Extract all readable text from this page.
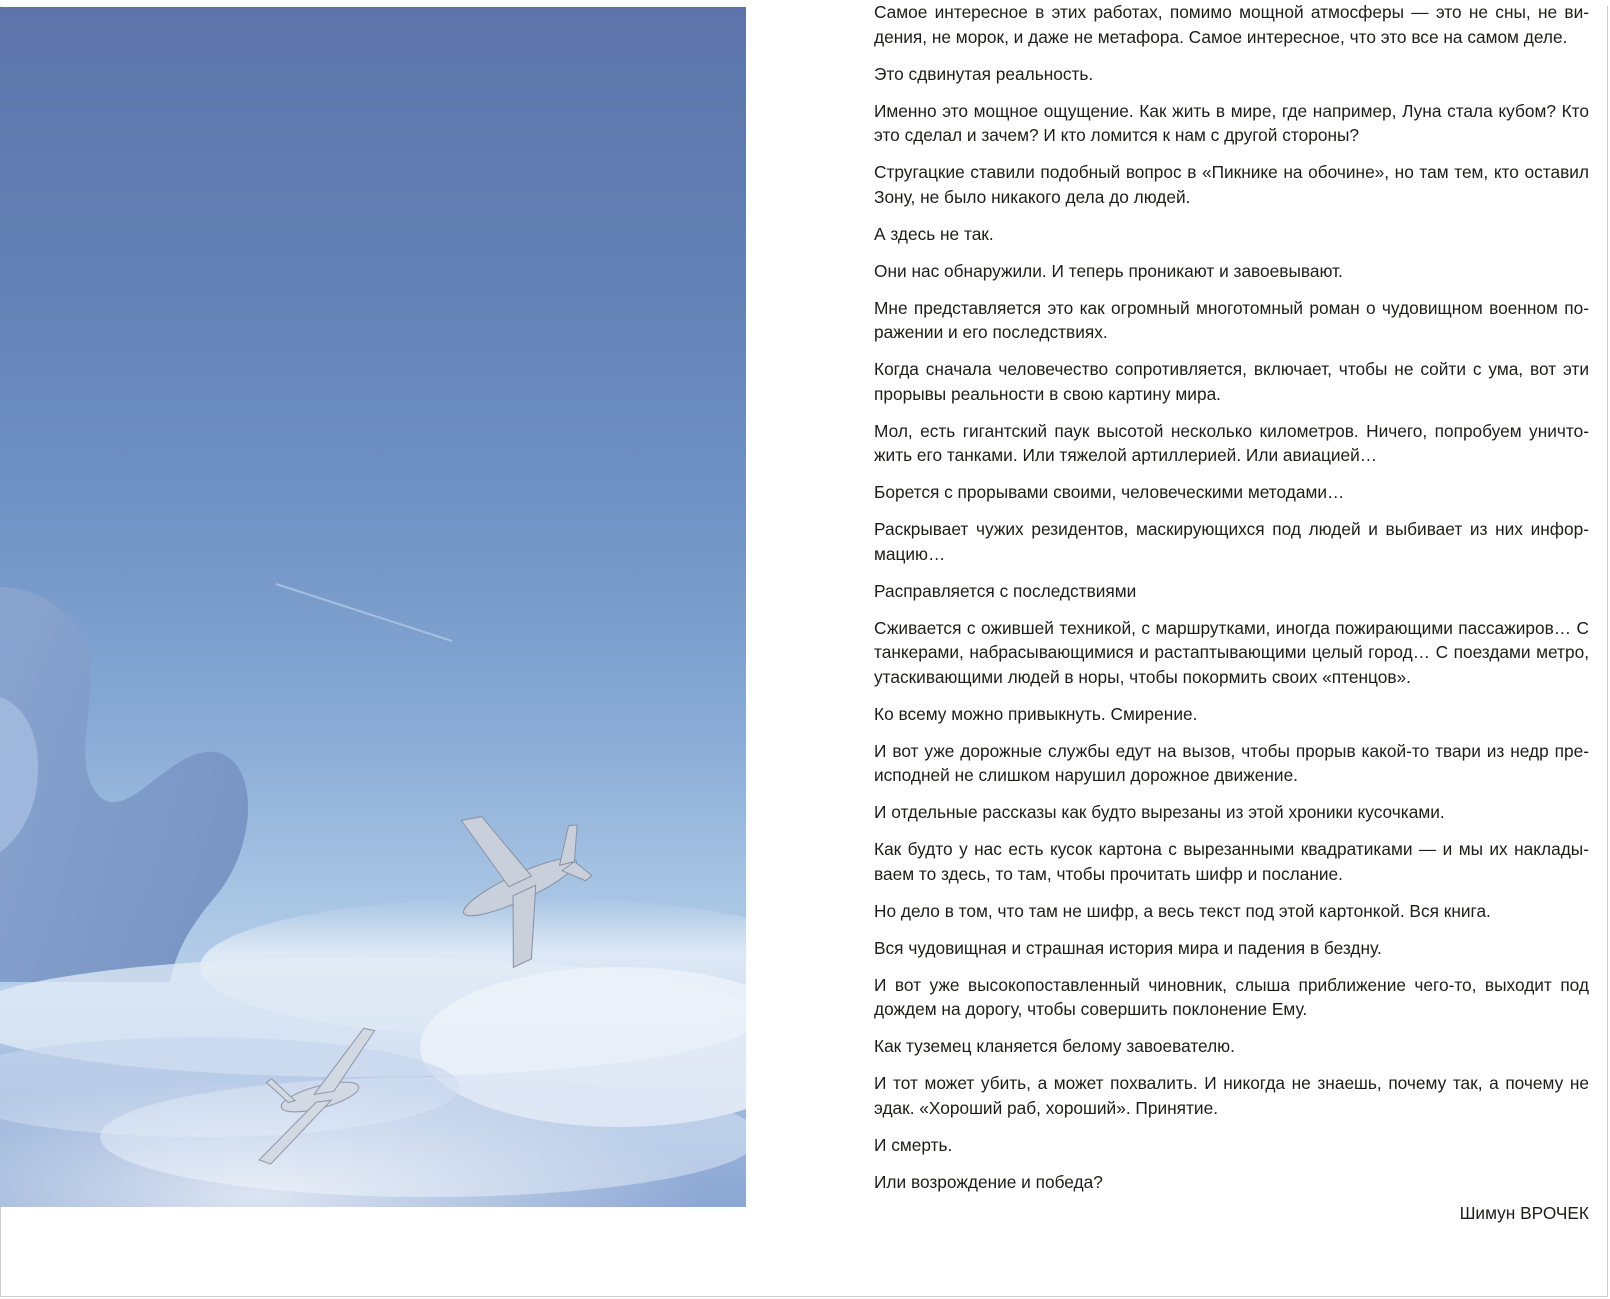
Самое интересное в этих работах, помимо мощной атмосферы — это не сны, не видения, не морок, и даже не метафора. Самое интересное, что это все на самом деле.

Это сдвинутая реальность.

Именно это мощное ощущение. Как жить в мире, где например, Луна стала кубом? Кто это сделал и зачем? И кто ломится к нам с другой стороны?

Стругацкие ставили подобный вопрос в «Пикнике на обочине», но там тем, кто оставил Зону, не было никакого дела до людей.

А здесь не так.

Они нас обнаружили. И теперь проникают и завоевывают.

Мне представляется это как огромный многотомный роман о чудовищном военном поражении и его последствиях.

Когда сначала человечество сопротивляется, включает, чтобы не сойти с ума, вот эти прорывы реальности в свою картину мира.

Мол, есть гигантский паук высотой несколько километров. Ничего, попробуем уничтожить его танками. Или тяжелой артиллерией. Или авиацией…

Борется с прорывами своими, человеческими методами…

Раскрывает чужих резидентов, маскирующихся под людей и выбивает из них информацию…

Расправляется с последствиями

Сживается с ожившей техникой, с маршрутками, иногда пожирающими пассажиров… С танкерами, набрасывающимися и растаптывающими целый город… С поездами метро, утаскивающими людей в норы, чтобы покормить своих «птенцов».

Ко всему можно привыкнуть. Смирение.

И вот уже дорожные службы едут на вызов, чтобы прорыв какой-то твари из недр преисподней не слишком нарушил дорожное движение.

И отдельные рассказы как будто вырезаны из этой хроники кусочками.

Как будто у нас есть кусок картона с вырезанными квадратиками — и мы их накладываем то здесь, то там, чтобы прочитать шифр и послание.

Но дело в том, что там не шифр, а весь текст под этой картонкой. Вся книга.

Вся чудовищная и страшная история мира и падения в бездну.

И вот уже высокопоставленный чиновник, слыша приближение чего-то, выходит под дождем на дорогу, чтобы совершить поклонение Ему.

Как туземец кланяется белому завоевателю.

И тот может убить, а может похвалить. И никогда не знаешь, почему так, а почему не эдак. «Хороший раб, хороший». Принятие.

И смерть.

Или возрождение и победа?

Шимун ВРОЧЕК
